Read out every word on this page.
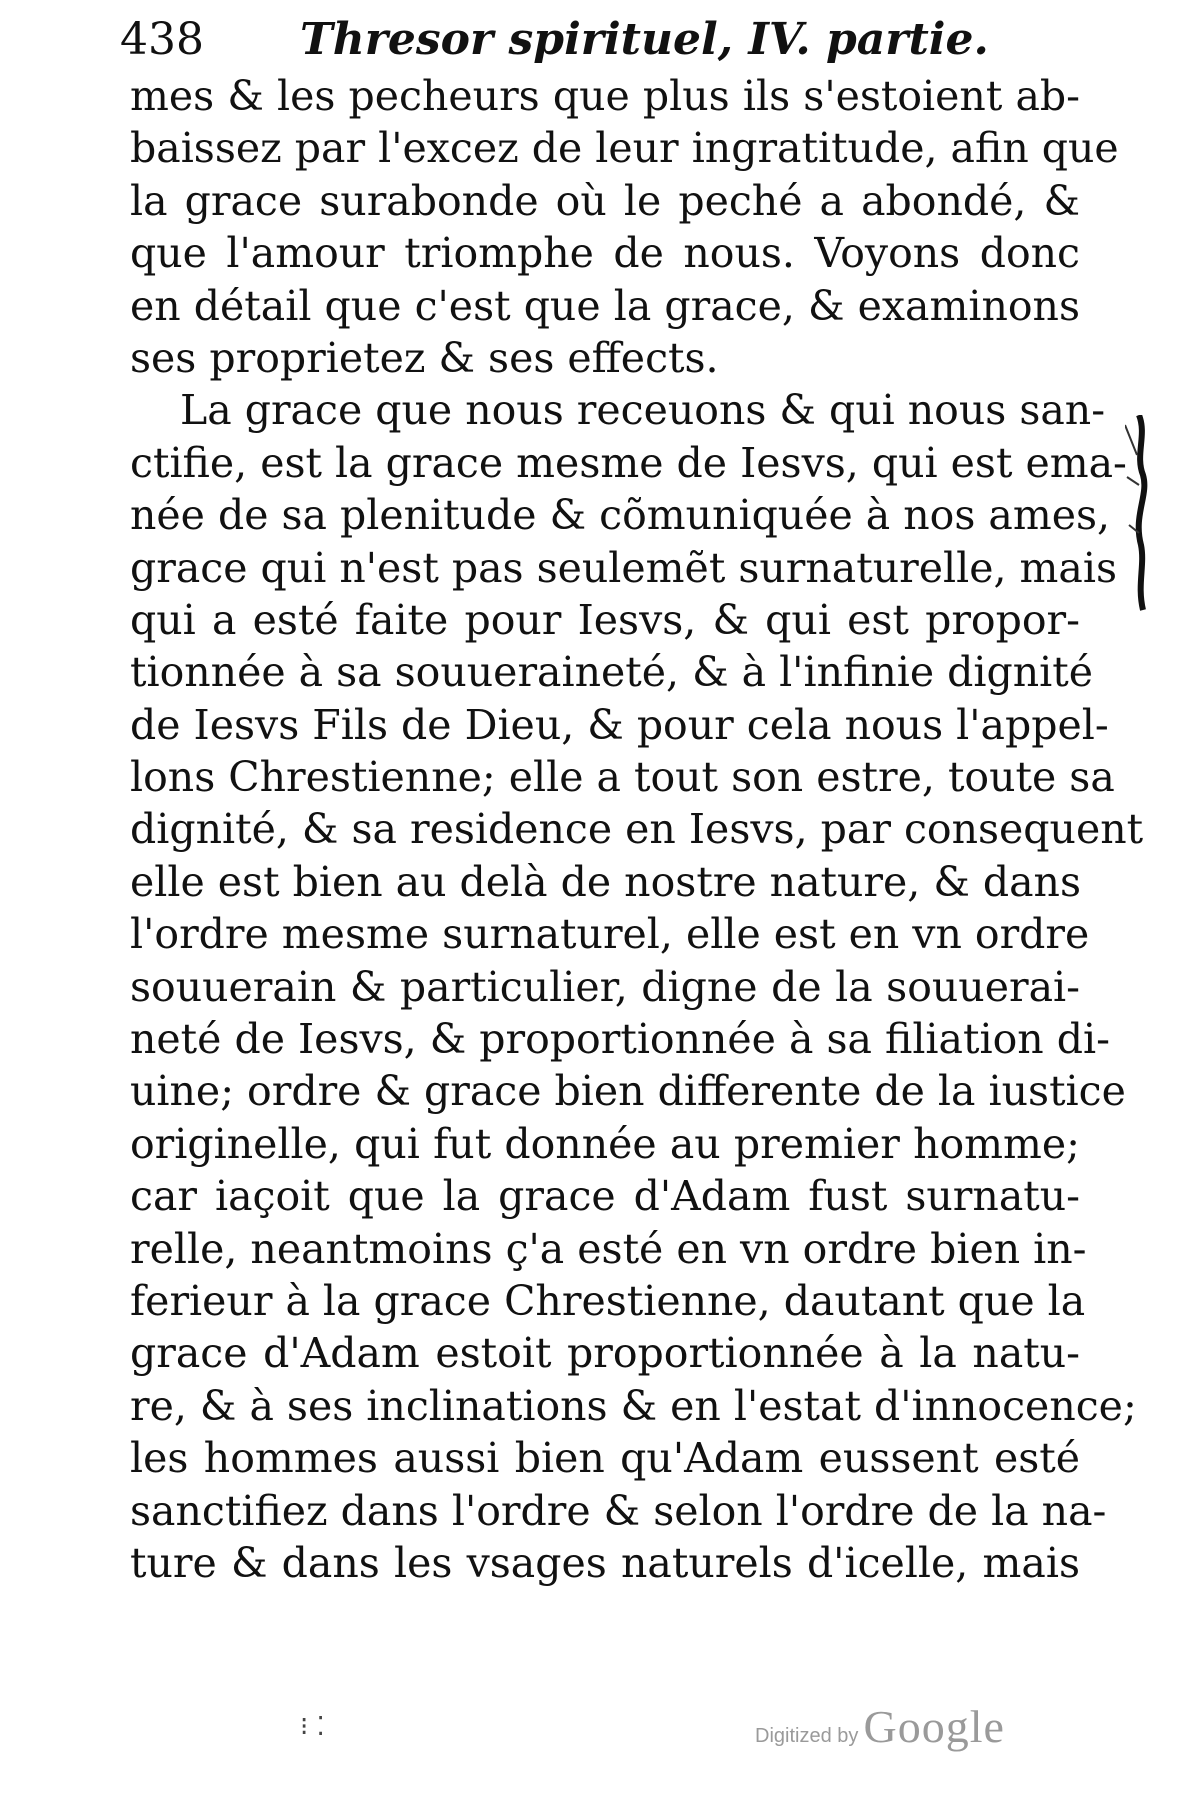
438 Thresor spirituel, IV. partie.
mes & les pecheurs que plus ils s'estoient ab-
baissez par l'excez de leur ingratitude, afin que
la grace surabonde où le peché a abondé, &
que l'amour triomphe de nous. Voyons donc
en détail que c'est que la grace, & examinons
ses proprietez & ses effects.
La grace que nous receuons & qui nous san-
ctifie, est la grace mesme de Iesvs, qui est ema-
née de sa plenitude & cõmuniquée à nos ames,
grace qui n'est pas seulemẽt surnaturelle, mais
qui a esté faite pour Iesvs, & qui est propor-
tionnée à sa souueraineté, & à l'infinie dignité
de Iesvs Fils de Dieu, & pour cela nous l'appel-
lons Chrestienne; elle a tout son estre, toute sa
dignité, & sa residence en Iesvs, par consequent
elle est bien au delà de nostre nature, & dans
l'ordre mesme surnaturel, elle est en vn ordre
souuerain & particulier, digne de la souuerai-
neté de Iesvs, & proportionnée à sa filiation di-
uine; ordre & grace bien differente de la iustice
originelle, qui fut donnée au premier homme;
car iaçoit que la grace d'Adam fust surnatu-
relle, neantmoins ç'a esté en vn ordre bien in-
ferieur à la grace Chrestienne, dautant que la
grace d'Adam estoit proportionnée à la natu-
re, & à ses inclinations & en l'estat d'innocence;
les hommes aussi bien qu'Adam eussent esté
sanctifiez dans l'ordre & selon l'ordre de la na-
ture & dans les vsages naturels d'icelle, mais
⁝ ⁚	Digitized by Google
